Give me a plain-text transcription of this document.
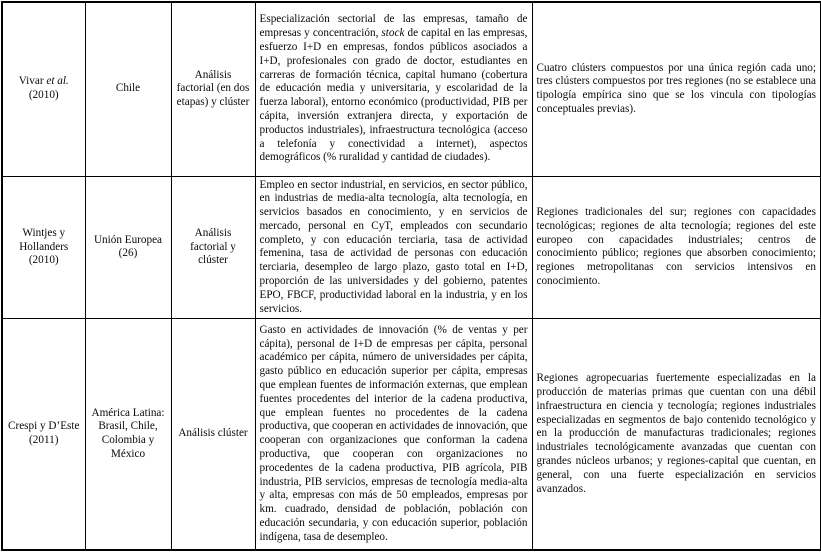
Vivar et al.
(2010)	Chile	Análisis factorial (en dos etapas) y clúster	Especialización sectorial de las empresas, tamaño de empresas y concentración, stock de capital en las empresas, esfuerzo I+D en empresas, fondos públicos asociados a I+D, profesionales con grado de doctor, estudiantes en carreras de formación técnica, capital humano (cobertura de educación media y universitaria, y escolaridad de la fuerza laboral), entorno económico (productividad, PIB per cápita, inversión extranjera directa, y exportación de productos industriales), infraestructura tecnológica (acceso a telefonía y conectividad a internet), aspectos demográficos (% ruralidad y cantidad de ciudades).	Cuatro clústers compuestos por una única región cada uno; tres clústers compuestos por tres regiones (no se establece una tipología empírica sino que se los vincula con tipologías conceptuales previas).
Wintjes y Hollanders
(2010)	Unión Europea (26)	Análisis factorial y clúster	Empleo en sector industrial, en servicios, en sector público, en industrias de media-alta tecnología, alta tecnología, en servicios basados en conocimiento, y en servicios de mercado, personal en CyT, empleados con secundario completo, y con educación terciaria, tasa de actividad femenina, tasa de actividad de personas con educación terciaria, desempleo de largo plazo, gasto total en I+D, proporción de las universidades y del gobierno, patentes EPO, FBCF, productividad laboral en la industria, y en los servicios.	Regiones tradicionales del sur; regiones con capacidades tecnológicas; regiones de alta tecnología; regiones del este europeo con capacidades industriales; centros de conocimiento público; regiones que absorben conocimiento; regiones metropolitanas con servicios intensivos en conocimiento.
Crespi y D’Este
(2011)	América Latina: Brasil, Chile, Colombia y México	Análisis clúster	Gasto en actividades de innovación (% de ventas y per cápita), personal de I+D de empresas per cápita, personal académico per cápita, número de universidades per cápita, gasto público en educación superior per cápita, empresas que emplean fuentes de información externas, que emplean fuentes procedentes del interior de la cadena productiva, que emplean fuentes no procedentes de la cadena productiva, que cooperan en actividades de innovación, que cooperan con organizaciones que conforman la cadena productiva, que cooperan con organizaciones no procedentes de la cadena productiva, PIB agrícola, PIB industria, PIB servicios, empresas de tecnología media-alta y alta, empresas con más de 50 empleados, empresas por km. cuadrado, densidad de población, población con educación secundaria, y con educación superior, población indígena, tasa de desempleo.	Regiones agropecuarias fuertemente especializadas en la producción de materias primas que cuentan con una débil infraestructura en ciencia y tecnología; regiones industriales especializadas en segmentos de bajo contenido tecnológico y en la producción de manufacturas tradicionales; regiones industriales tecnológicamente avanzadas que cuentan con grandes núcleos urbanos; y regiones-capital que cuentan, en general, con una fuerte especialización en servicios avanzados.
